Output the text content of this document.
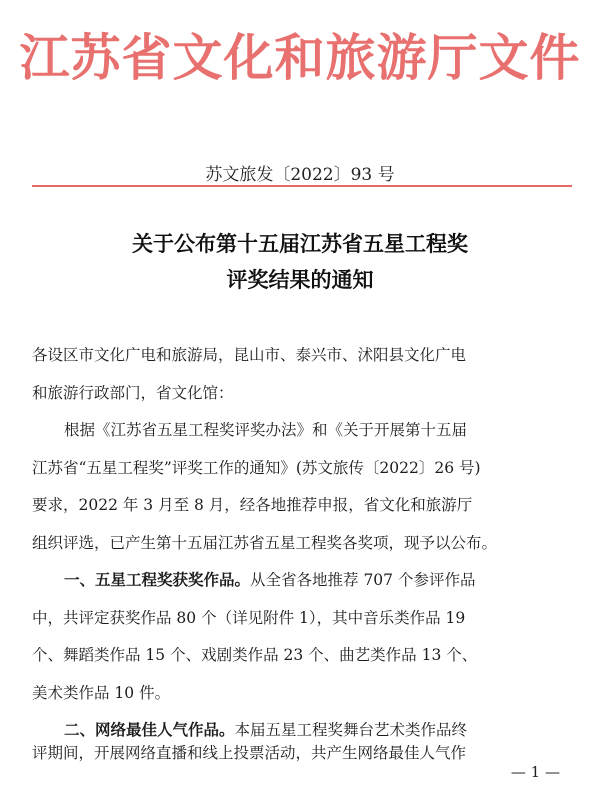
江苏省文化和旅游厅文件
苏文旅发〔2022〕93 号
关于公布第十五届江苏省五星工程奖
评奖结果的通知
各设区市文化广电和旅游局，昆山市、泰兴市、沭阳县文化广电
和旅游行政部门，省文化馆：
根据《江苏省五星工程奖评奖办法》和《关于开展第十五届
江苏省“五星工程奖”评奖工作的通知》(苏文旅传〔2022〕26 号)
要求，2022 年 3 月至 8 月，经各地推荐申报，省文化和旅游厅
组织评选，已产生第十五届江苏省五星工程奖各奖项，现予以公布。
一、五星工程奖获奖作品。从全省各地推荐 707 个参评作品
中，共评定获奖作品 80 个（详见附件 1），其中音乐类作品 19
个、舞蹈类作品 15 个、戏剧类作品 23 个、曲艺类作品 13 个、
美术类作品 10 件。
二、网络最佳人气作品。本届五星工程奖舞台艺术类作品终
评期间，开展网络直播和线上投票活动，共产生网络最佳人气作
— 1 —
